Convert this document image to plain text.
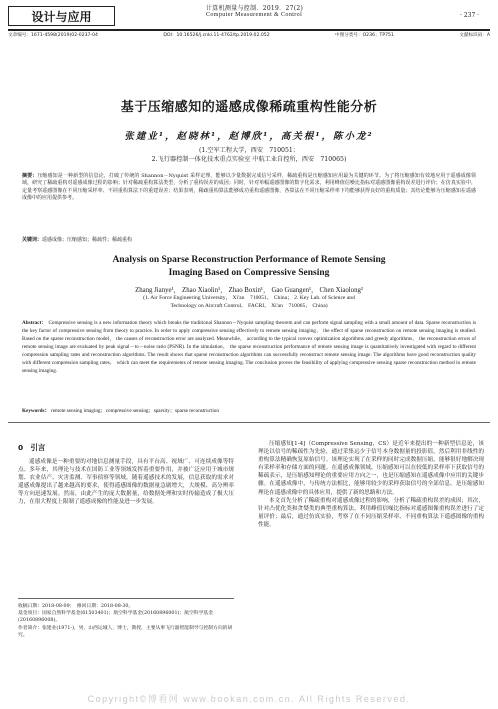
设计与应用
计算机测量与控制．2019．27(2)
Computer Measurement & Control	· 237 ·
文章编号：1671-4598(2019)02-0237-04	DOI：10.16526/j.cnki.11-4762/tp.2019.02.052	中图分类号：O236；TP751	文献标识码：A
基于压缩感知的遥感成像稀疏重构性能分析
张建业¹，赵晓林¹，赵博欣¹，高关根¹，陈小龙²
(1.空军工程大学，西安　710051；
2.飞行器控制一体化技术重点实验室 中航工业自控所，西安　710065)
摘要：压缩感知是一种新型的信息论，打破了传统的 Shannon－Nyquist 采样定理，能够以少量数据完成信号采样，稀疏重构是压缩感知应用最为关键的环节。为了将压缩感知有效地应用于遥感成像领域，研究了稀疏重构对遥感成像过程的影响；针对稀疏重构算法类型，分析了重构误差的成因；同时，针对单幅遥感图像的数字化需求，利用峰值信噪比指标对遥感图像重构误差进行评价；在仿真实验中，定量考察遥感图像在不同压缩采样率、不同重构算法下的重建误差；结果表明，稀疏重构算法能够成功重构遥感图像，各算法在不同压缩采样率下均能够获得良好的重构质量；其结论能够为压缩感知在遥感成像中的应用提供参考。
关键词：遥感成像；压缩感知；稀疏性；稀疏重构
Analysis on Sparse Reconstruction Performance of Remote Sensing
Imaging Based on Compressive Sensing
Zhang Jianye¹， Zhao Xiaolin¹， Zhao Boxin¹， Gao Guangen¹， Chen Xiaolong²
(1. Air Force Engineering University， Xi'an　710051， China； 2. Key Lab. of Science and
Technology on Aircraft Control， FACRI， Xi'an　710065， China)
Abstract： Compressive sensing is a new information theory which breaks the traditional Shannon－Nyquist sampling theorem and can perform signal sampling with a small amount of data. Sparse reconstruction is the key factor of compressive sensing from theory to practice. In order to apply compressive sensing effectively to remote sensing imaging， the effect of sparse reconstruction on remote sensing imaging is studied. Based on the sparse reconstruction model， the causes of reconstruction error are analyzed. Meanwhile， according to the typical convex optimization algorithms and greedy algorithms， the reconstruction errors of remote sensing image are evaluated by peak signal－to－noise ratio (PSNR). In the simulation， the sparse reconstruction performance of remote sensing image is quantitatively investigated with regard to different compression sampling rates and reconstruction algorithms. The result shows that sparse reconstruction algorithms can successfully reconstruct remote sensing image. The algorithms have good reconstruction quality with different compression sampling rates， which can meet the requirements of remote sensing imaging. The conclusion proves the feasibility of applying compressive sensing sparse reconstruction method in remote sensing imaging.
Keywords： remote sensing imaging；compressive sensing；sparsity；sparse reconstruction
0　引言
遥感成像是一种重要的对地信息测量手段，具有平台高、视域广、可连续成像等特点。多年来，其理论与技术在国防工业等领域发挥着重要作用，并被广泛应用于城市规划、农业估产、灾害监测、军事侦察等领域。随着遥感技术的发展，信息获取的需求对遥感成像提出了越来越高的要求，使得遥感图像的数据量急剧增大，大规模、高分辨率等方向迅速发展。然而，由此产生的庞大数据量，给数据处理和实时传输造成了极大压力，在很大程度上限制了遥感成像的性能及进一步发展。

收稿日期：2018-08-09；　修回日期：2018-08-30。

基金项目：国家自然科学基金(61503401)；航空科学基金(20160896001)；航空科学基金(20160896008)。

作者简介：张建业(1971-)，男，山西运城人，博士，教授，主要从事飞行器智能制导与控制方向的研究。

压缩感知[1-4]（Compressive Sensing，CS）是近年来提出的一种新型信息论，该理论以信号的稀疏性为先验，通过采集远少于信号本身数据量的投影值，然后利用非线性的重构算法精确恢复原始信号。该理论实现了在采样的同时完成数据压缩，能够很好地解决现有采样率和存储方面的问题。在遥感成像领域，压缩感知可以在较低的采样率下获取信号的稀疏表示，是压缩感知理论的重要应用方向之一，也是压缩感知在遥感成像中应用的关键步骤。在遥感成像中，与传统方法相比，能够用较少的采样获取信号的全部信息，是压缩感知理论在遥感成像中的具体应用，提供了新的思路和方法。

本文首先分析了稀疏重构对遥感成像过程的影响，分析了稀疏重构误差的成因；其次，针对凸优化类和贪婪类的典型重构算法，利用峰值信噪比指标对遥感图像重构误差进行了定量评价；最后，通过仿真实验，考察了在不同压缩采样率、不同重构算法下遥感图像的重构性能。

Copyright©博看网 www.bookan.com.cn. All Rights Reserved.
